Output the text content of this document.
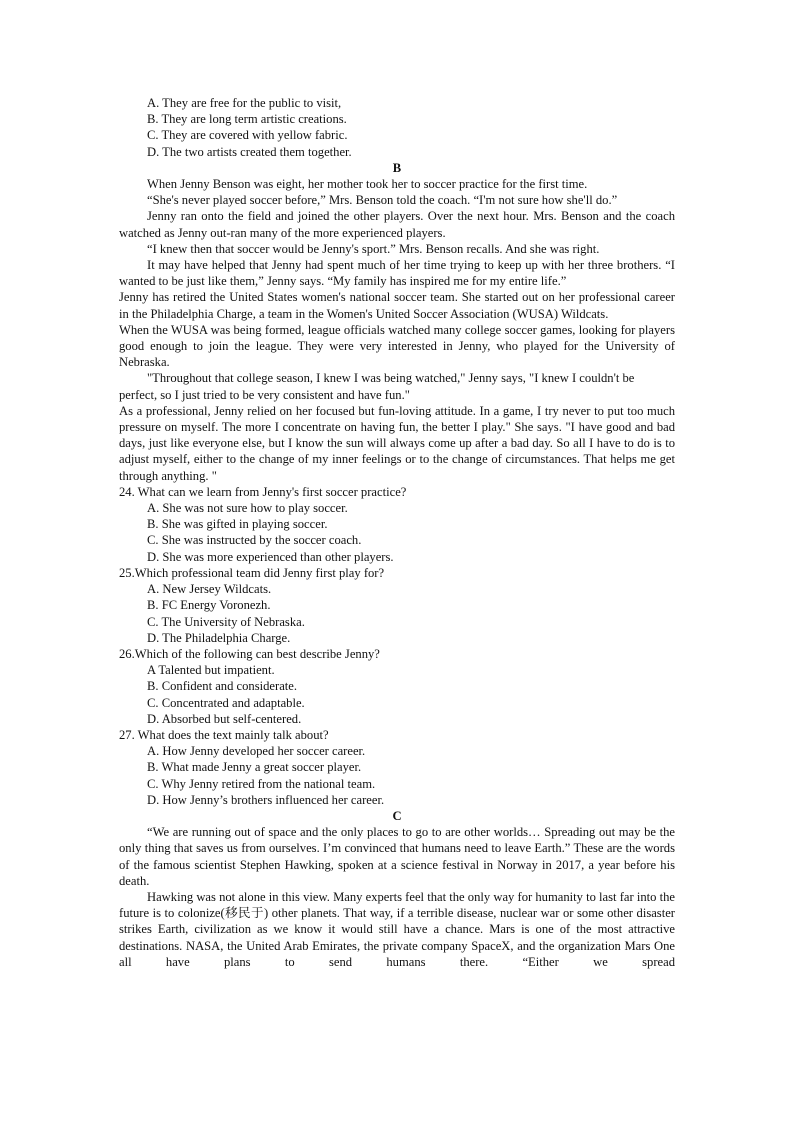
A. They are free for the public to visit,
B. They are long term artistic creations.
C. They are covered with yellow fabric.
D. The two artists created them together.
B

When Jenny Benson was eight, her mother took her to soccer practice for the first time.

“She's never played soccer before,” Mrs. Benson told the coach. “I'm not sure how she'll do.”

Jenny ran onto the field and joined the other players. Over the next hour. Mrs. Benson and the coach watched as Jenny out-ran many of the more experienced players.

“I knew then that soccer would be Jenny's sport.” Mrs. Benson recalls. And she was right.

It may have helped that Jenny had spent much of her time trying to keep up with her three brothers. “I wanted to be just like them,” Jenny says. “My family has inspired me for my entire life.”

Jenny has retired the United States women's national soccer team. She started out on her professional career in the Philadelphia Charge, a team in the Women's United Soccer Association (WUSA) Wildcats.

When the WUSA was being formed, league officials watched many college soccer games, looking for players good enough to join the league. They were very interested in Jenny, who played for the University of Nebraska.

"Throughout that college season, I knew I was being watched," Jenny says, "I knew I couldn't be perfect, so I just tried to be very consistent and have fun."

As a professional, Jenny relied on her focused but fun-loving attitude. In a game, I try never to put too much pressure on myself. The more I concentrate on having fun, the better I play." She says. "I have good and bad days, just like everyone else, but I know the sun will always come up after a bad day. So all I have to do is to adjust myself, either to the change of my inner feelings or to the change of circumstances. That helps me get through anything. "

24. What can we learn from Jenny's first soccer practice?
A. She was not sure how to play soccer.
B. She was gifted in playing soccer.
C. She was instructed by the soccer coach.
D. She was more experienced than other players.
25.Which professional team did Jenny first play for?
A. New Jersey Wildcats.
B. FC Energy Voronezh.
C. The University of Nebraska.
D. The Philadelphia Charge.
26.Which of the following can best describe Jenny?
A Talented but impatient.
B. Confident and considerate.
C. Concentrated and adaptable.
D. Absorbed but self-centered.
27. What does the text mainly talk about?
A. How Jenny developed her soccer career.
B. What made Jenny a great soccer player.
C. Why Jenny retired from the national team.
D. How Jenny’s brothers influenced her career.
C

“We are running out of space and the only places to go to are other worlds… Spreading out may be the only thing that saves us from ourselves. I’m convinced that humans need to leave Earth.” These are the words of the famous scientist Stephen Hawking, spoken at a science festival in Norway in 2017, a year before his death.

Hawking was not alone in this view. Many experts feel that the only way for humanity to last far into the future is to colonize(移民于) other planets. That way, if a terrible disease, nuclear war or some other disaster strikes Earth, civilization as we know it would still have a chance. Mars is one of the most attractive destinations. NASA, the United Arab Emirates, the private company SpaceX, and the organization Mars One all have plans to send humans there. “Either we spread
